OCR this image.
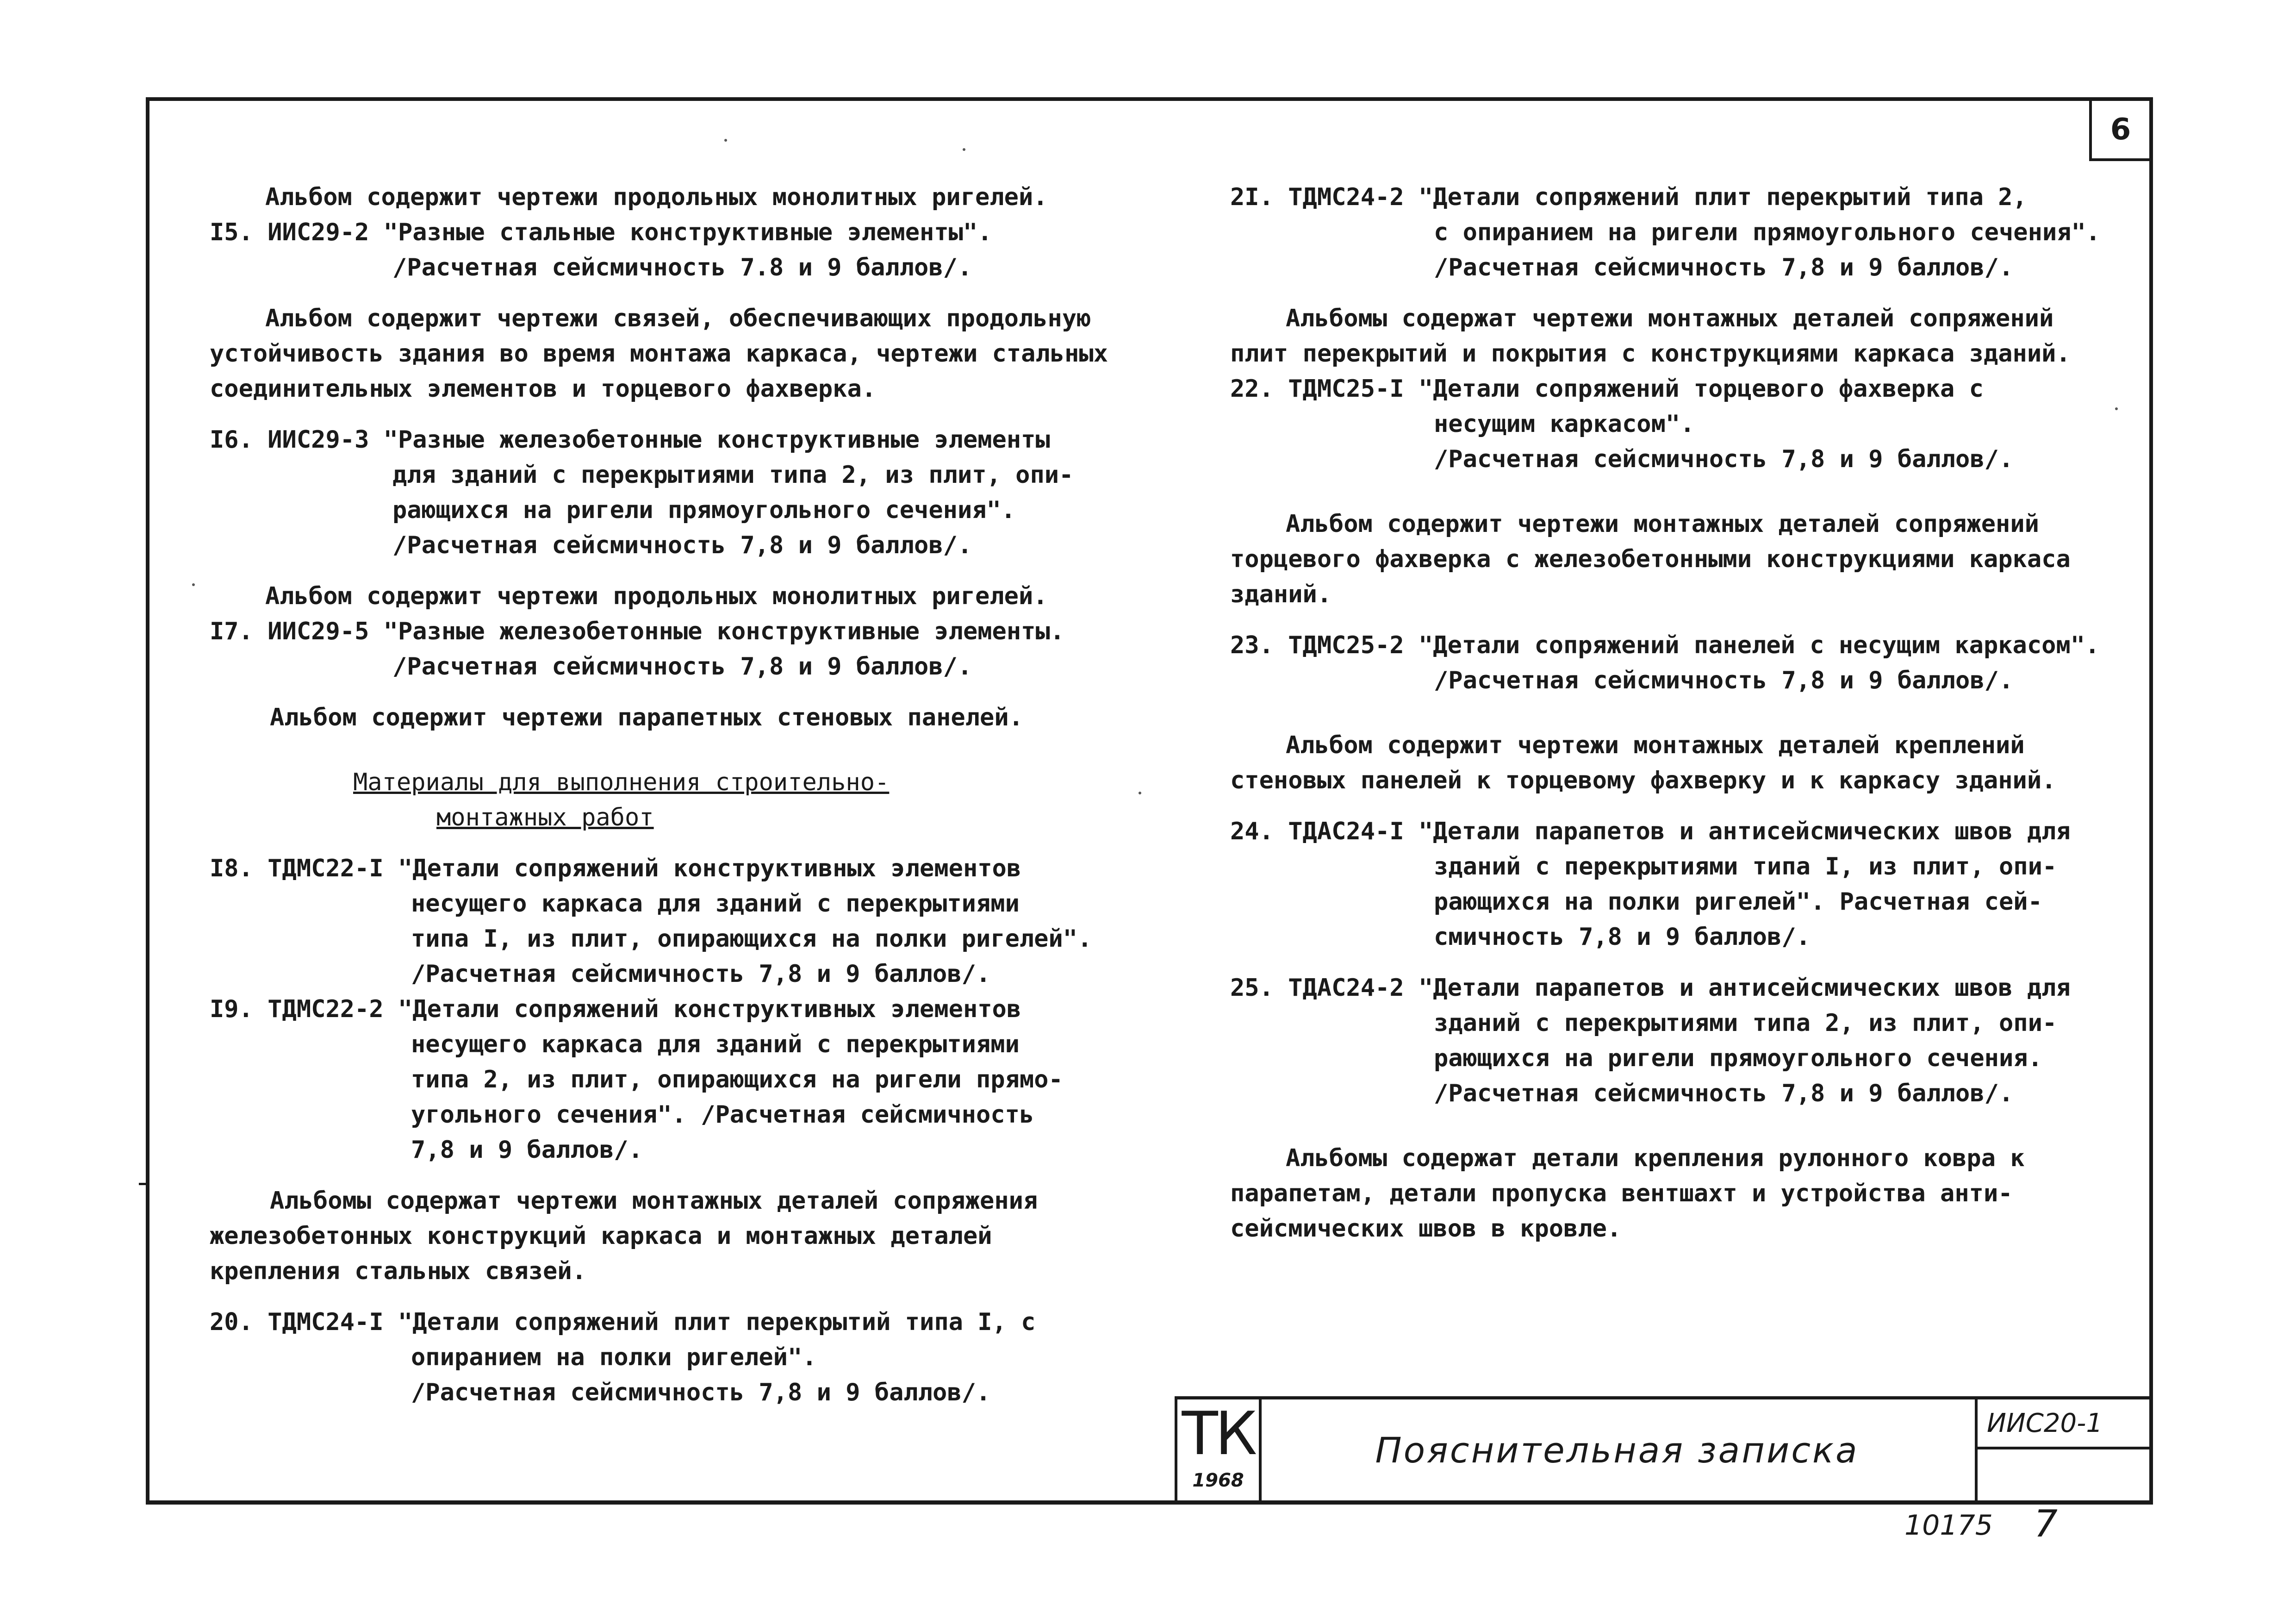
6
Альбом содержит чертежи продольных монолитных ригелей.
I5. ИИС29-2 "Разные стальные конструктивные элементы".
/Расчетная сейсмичность 7.8 и 9 баллов/.
Альбом содержит чертежи связей, обеспечивающих продольную
устойчивость здания во время монтажа каркаса, чертежи стальных
соединительных элементов и торцевого фахверка.
I6. ИИС29-3 "Разные железобетонные конструктивные элементы
для зданий с перекрытиями типа 2, из плит, опи-
рающихся на ригели прямоугольного сечения".
/Расчетная сейсмичность 7,8 и 9 баллов/.
Альбом содержит чертежи продольных монолитных ригелей.
I7. ИИС29-5 "Разные железобетонные конструктивные элементы.
/Расчетная сейсмичность 7,8 и 9 баллов/.
Альбом содержит чертежи парапетных стеновых панелей.
Материалы для выполнения строительно-
монтажных работ
I8. ТДМС22-I "Детали сопряжений конструктивных элементов
несущего каркаса для зданий с перекрытиями
типа I, из плит, опирающихся на полки ригелей".
/Расчетная сейсмичность 7,8 и 9 баллов/.
I9. ТДМС22-2 "Детали сопряжений конструктивных элементов
несущего каркаса для зданий с перекрытиями
типа 2, из плит, опирающихся на ригели прямо-
угольного сечения". /Расчетная сейсмичность
7,8 и 9 баллов/.
Альбомы содержат чертежи монтажных деталей сопряжения
железобетонных конструкций каркаса и монтажных деталей
крепления стальных связей.
20. ТДМС24-I "Детали сопряжений плит перекрытий типа I, с
опиранием на полки ригелей".
/Расчетная сейсмичность 7,8 и 9 баллов/.
2I. ТДМС24-2 "Детали сопряжений плит перекрытий типа 2,
с опиранием на ригели прямоугольного сечения".
/Расчетная сейсмичность 7,8 и 9 баллов/.
Альбомы содержат чертежи монтажных деталей сопряжений
плит перекрытий и покрытия с конструкциями каркаса зданий.
22. ТДМС25-I "Детали сопряжений торцевого фахверка с
несущим каркасом".
/Расчетная сейсмичность 7,8 и 9 баллов/.
Альбом содержит чертежи монтажных деталей сопряжений
торцевого фахверка с железобетонными конструкциями каркаса
зданий.
23. ТДМС25-2 "Детали сопряжений панелей с несущим каркасом".
/Расчетная сейсмичность 7,8 и 9 баллов/.
Альбом содержит чертежи монтажных деталей креплений
стеновых панелей к торцевому фахверку и к каркасу зданий.
24. ТДАС24-I "Детали парапетов и антисейсмических швов для
зданий с перекрытиями типа I, из плит, опи-
рающихся на полки ригелей". Расчетная сей-
смичность 7,8 и 9 баллов/.
25. ТДАС24-2 "Детали парапетов и антисейсмических швов для
зданий с перекрытиями типа 2, из плит, опи-
рающихся на ригели прямоугольного сечения.
/Расчетная сейсмичность 7,8 и 9 баллов/.
Альбомы содержат детали крепления рулонного ковра к
парапетам, детали пропуска вентшахт и устройства анти-
сейсмических швов в кровле.
ТК
1968
Пояснительная записка
ИИС20-1
10175 7
